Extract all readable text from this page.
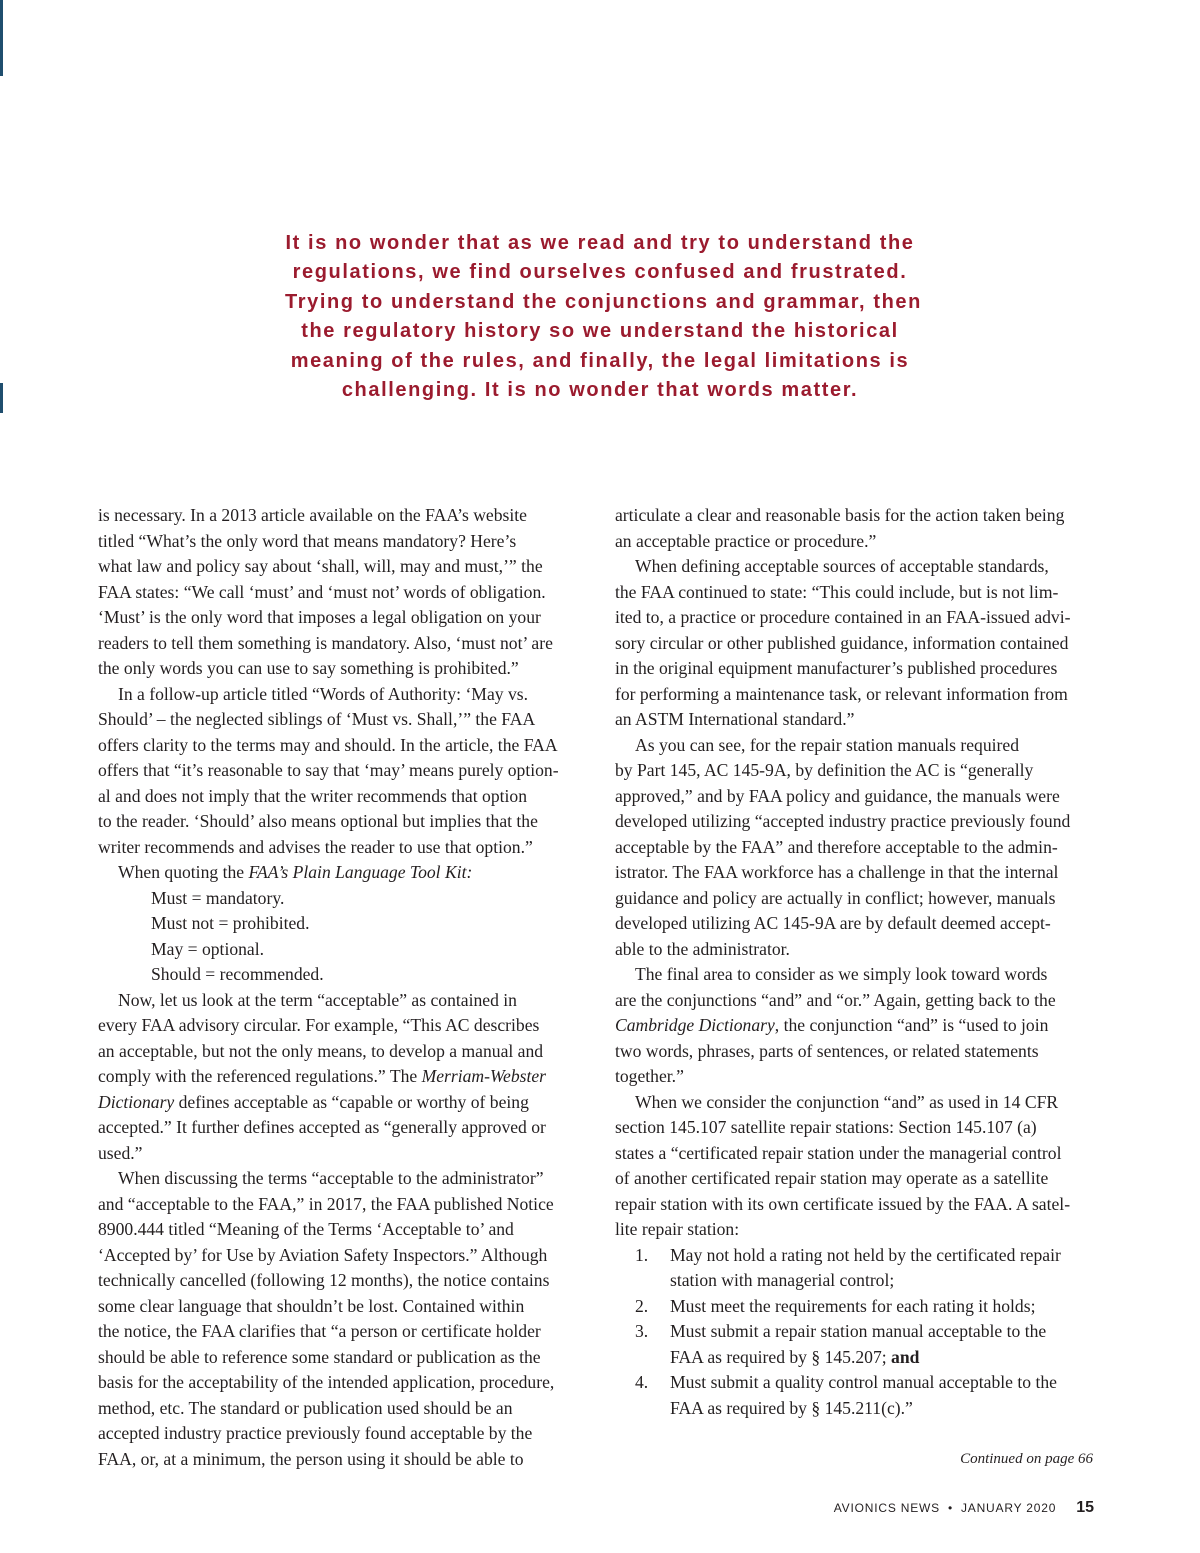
It is no wonder that as we read and try to understand the
regulations, we find ourselves confused and frustrated.
Trying to understand the conjunctions and grammar, then
the regulatory history so we understand the historical
meaning of the rules, and finally, the legal limitations is
challenging. It is no wonder that words matter.

is necessary. In a 2013 article available on the FAA’s website
titled “What’s the only word that means mandatory? Here’s
what law and policy say about ‘shall, will, may and must,’” the
FAA states: “We call ‘must’ and ‘must not’ words of obligation.
‘Must’ is the only word that imposes a legal obligation on your
readers to tell them something is mandatory. Also, ‘must not’ are
the only words you can use to say something is prohibited.”

In a follow-up article titled “Words of Authority: ‘May vs.
Should’ – the neglected siblings of ‘Must vs. Shall,’” the FAA
offers clarity to the terms may and should. In the article, the FAA
offers that “it’s reasonable to say that ‘may’ means purely option-
al and does not imply that the writer recommends that option
to the reader. ‘Should’ also means optional but implies that the
writer recommends and advises the reader to use that option.”

When quoting the FAA’s Plain Language Tool Kit:

Must = mandatory.
Must not = prohibited.
May = optional.
Should = recommended.

Now, let us look at the term “acceptable” as contained in
every FAA advisory circular. For example, “This AC describes
an acceptable, but not the only means, to develop a manual and
comply with the referenced regulations.” The Merriam-Webster
Dictionary defines acceptable as “capable or worthy of being
accepted.” It further defines accepted as “generally approved or
used.”

When discussing the terms “acceptable to the administrator”
and “acceptable to the FAA,” in 2017, the FAA published Notice
8900.444 titled “Meaning of the Terms ‘Acceptable to’ and
‘Accepted by’ for Use by Aviation Safety Inspectors.” Although
technically cancelled (following 12 months), the notice contains
some clear language that shouldn’t be lost. Contained within
the notice, the FAA clarifies that “a person or certificate holder
should be able to reference some standard or publication as the
basis for the acceptability of the intended application, procedure,
method, etc. The standard or publication used should be an
accepted industry practice previously found acceptable by the
FAA, or, at a minimum, the person using it should be able to

articulate a clear and reasonable basis for the action taken being
an acceptable practice or procedure.”

When defining acceptable sources of acceptable standards,
the FAA continued to state: “This could include, but is not lim-
ited to, a practice or procedure contained in an FAA-issued advi-
sory circular or other published guidance, information contained
in the original equipment manufacturer’s published procedures
for performing a maintenance task, or relevant information from
an ASTM International standard.”

As you can see, for the repair station manuals required
by Part 145, AC 145-9A, by definition the AC is “generally
approved,” and by FAA policy and guidance, the manuals were
developed utilizing “accepted industry practice previously found
acceptable by the FAA” and therefore acceptable to the admin-
istrator. The FAA workforce has a challenge in that the internal
guidance and policy are actually in conflict; however, manuals
developed utilizing AC 145-9A are by default deemed accept-
able to the administrator.

The final area to consider as we simply look toward words
are the conjunctions “and” and “or.” Again, getting back to the
Cambridge Dictionary, the conjunction “and” is “used to join
two words, phrases, parts of sentences, or related statements
together.”

When we consider the conjunction “and” as used in 14 CFR
section 145.107 satellite repair stations: Section 145.107 (a)
states a “certificated repair station under the managerial control
of another certificated repair station may operate as a satellite
repair station with its own certificate issued by the FAA. A satel-
lite repair station:

1. May not hold a rating not held by the certificated repair
station with managerial control;
2. Must meet the requirements for each rating it holds;
3. Must submit a repair station manual acceptable to the
FAA as required by § 145.207; and
4. Must submit a quality control manual acceptable to the
FAA as required by § 145.211(c).”
Continued on page 66
AVIONICS NEWS • JANUARY 2020 15
